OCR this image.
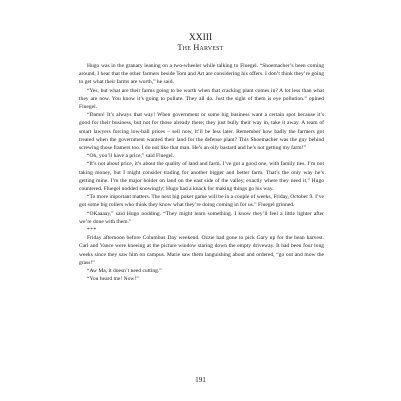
XXIII
The Harvest

Hugo was in the granary leaning on a two-wheeler while talking to Fluegel. “Shoemacher’s been coming around, I hear that the other farmers beside Tom and Art are considering his offers. I don’t think they’re going to get what their farms are worth,” he said.

“Yes, but what are their farms going to be worth when that cracking plant comes in? A lot less than what they are now. You know it’s going to pollute. They all do. Just the sight of them is eye pollution.” opined Fluegel.

“Damn! It’s always that way! When government or some big business want a certain spot because it’s good for their business, but not for those already there; they just bully their way in, take it away. A team of smart lawyers forcing low-ball prices – sell now, it’ll be less later. Remember how badly the farmers got treated when the government wanted their land for the defense plant? This Shoemacher was the guy behind screwing those framers too. I do not like that man. He’s an oily bastard and he’s not getting my farm!”

“Oh, you’ll have a price,” said Fluegel.

“It’s not about price, it’s about the quality of land and farm. I’ve got a good one, with family ties. I’m not taking money, but I might consider trading for another bigger and better farm. That’s the only way he’s getting mine. I’m the major holder on land on the east side of the valley, exactly where they need it,” Hugo countered. Fluegel nodded knowingly; Hugo had a knack for making things go his way.

“To more important matters. The next big poker game will be in a couple of weeks, Friday, October 9. I’ve got some big rollers who think they know what they’re doing coming in for us.” Fluegel grinned.

“OKaaaay,” said Hugo nodding. “They might learn something. I know they’ll feel a little lighter after we’re done with them.”

***

Friday afternoon before Columbus Day weekend. Ozzie had gone to pick Gary up for the bean harvest. Carl and Vance were kneeing at the picture window staring down the empty driveway. It had been four long weeks since they saw him on campus. Marie saw them languishing about and ordered, “go out and mow the grass!”

“Aw Ma, it doesn’t need cutting.”

“You heard me! Now!”

191
